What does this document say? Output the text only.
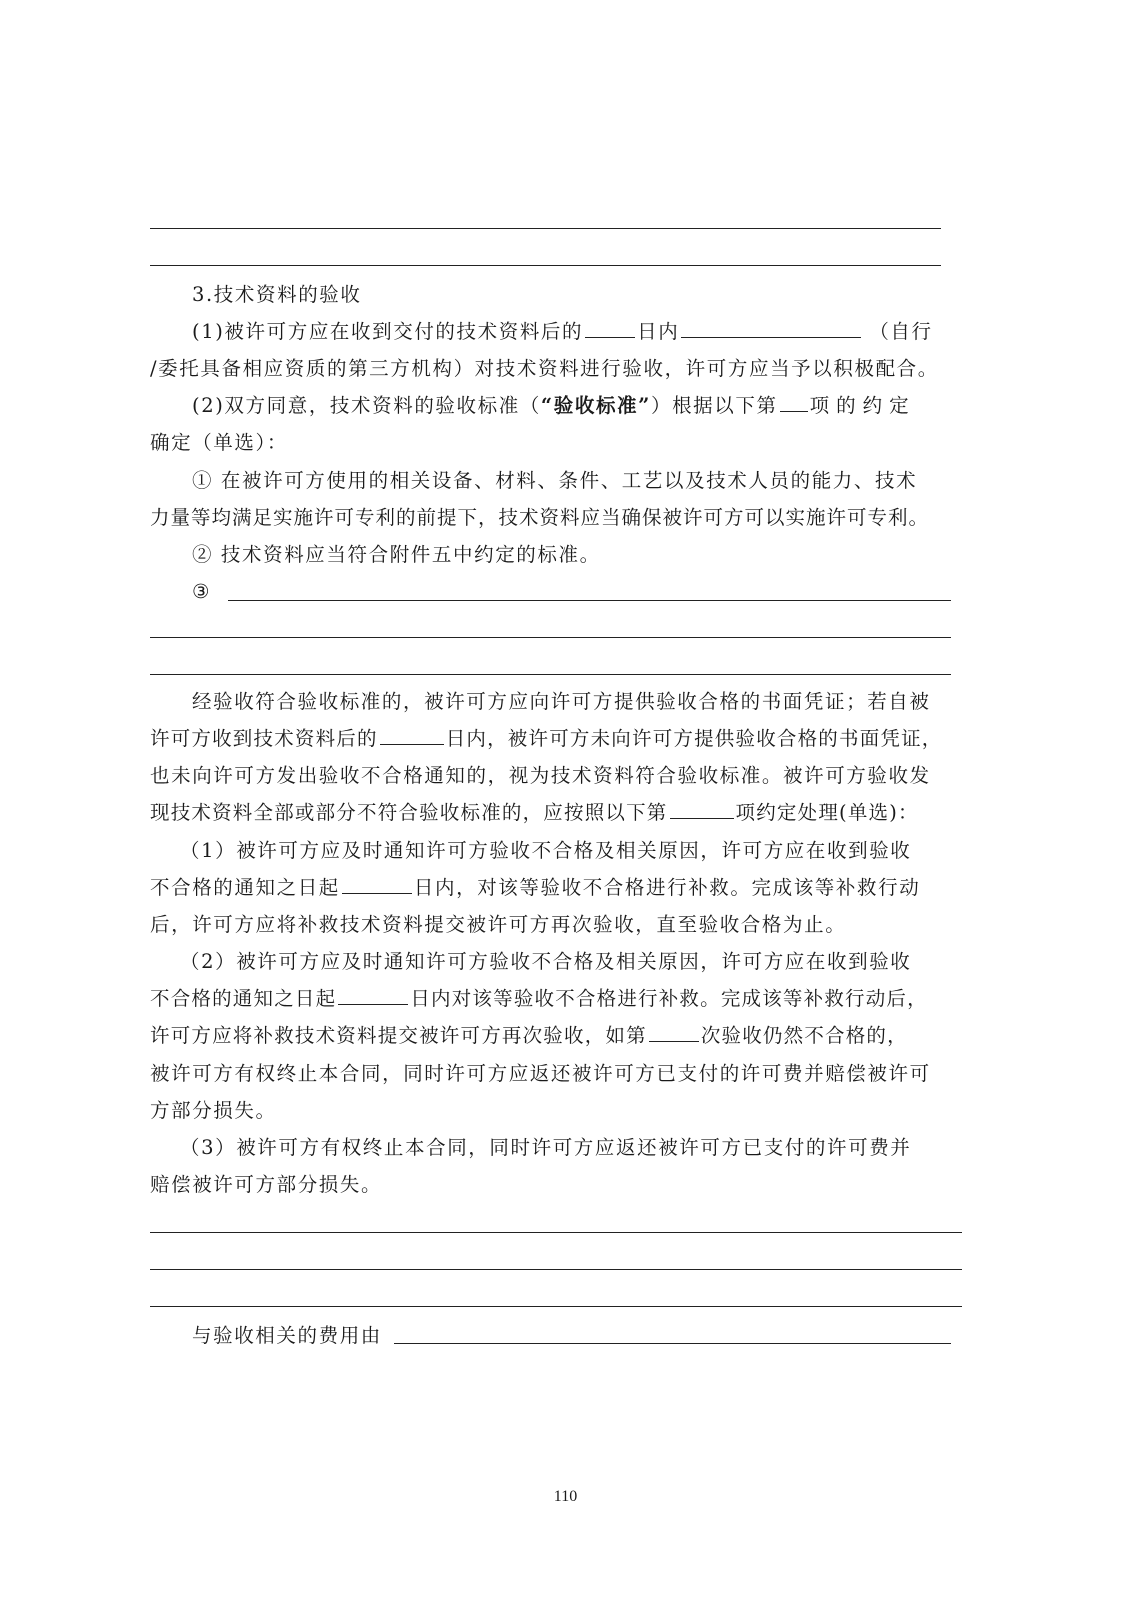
3.技术资料的验收
(1)被许可方应在收到交付的技术资料后的	日内	（自行
/委托具备相应资质的第三方机构）对技术资料进行验收，许可方应当予以积极配合。
(2)双方同意，技术资料的验收标准（“验收标准”）根据以下第 项的约定
确定（单选）：
① 在被许可方使用的相关设备、材料、条件、工艺以及技术人员的能力、技术
力量等均满足实施许可专利的前提下，技术资料应当确保被许可方可以实施许可专利。
② 技术资料应当符合附件五中约定的标准。
③
经验收符合验收标准的，被许可方应向许可方提供验收合格的书面凭证；若自被
许可方收到技术资料后的	日内，被许可方未向许可方提供验收合格的书面凭证，
也未向许可方发出验收不合格通知的，视为技术资料符合验收标准。被许可方验收发
现技术资料全部或部分不符合验收标准的，应按照以下第	项约定处理(单选)：
（1）被许可方应及时通知许可方验收不合格及相关原因，许可方应在收到验收
不合格的通知之日起	日内，对该等验收不合格进行补救。完成该等补救行动
后，许可方应将补救技术资料提交被许可方再次验收，直至验收合格为止。
（2）被许可方应及时通知许可方验收不合格及相关原因，许可方应在收到验收
不合格的通知之日起	日内对该等验收不合格进行补救。完成该等补救行动后，
许可方应将补救技术资料提交被许可方再次验收，如第	次验收仍然不合格的，
被许可方有权终止本合同，同时许可方应返还被许可方已支付的许可费并赔偿被许可
方部分损失。
（3）被许可方有权终止本合同，同时许可方应返还被许可方已支付的许可费并
赔偿被许可方部分损失。
与验收相关的费用由
110
